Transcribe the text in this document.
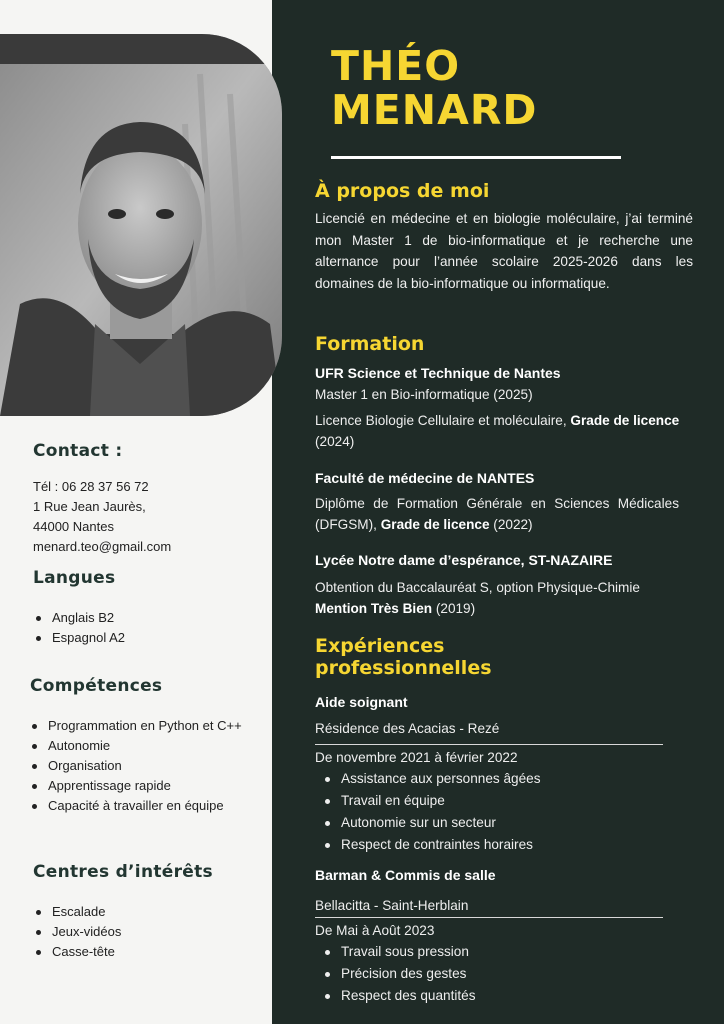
Contact :
Tél : 06 28 37 56 72
1 Rue Jean Jaurès,
44000 Nantes
menard.teo@gmail.com
Langues
Anglais B2
Espagnol A2
Compétences
Programmation en Python et C++
Autonomie
Organisation
Apprentissage rapide
Capacité à travailler en équipe
Centres d’intérêts
Escalade
Jeux-vidéos
Casse-tête
THÉO
MENARD
À propos de moi
Licencié en médecine et en biologie moléculaire, j’ai terminé mon Master 1 de bio-informatique et je recherche une alternance pour l’année scolaire 2025-2026 dans les domaines de la bio-informatique ou informatique.
Formation
UFR Science et Technique de Nantes
Master 1 en Bio-informatique (2025)
Licence Biologie Cellulaire et moléculaire, Grade de licence (2024)
Faculté de médecine de NANTES
Diplôme de Formation Générale en Sciences Médicales (DFGSM), Grade de licence (2022)
Lycée Notre dame d’espérance, ST-NAZAIRE
Obtention du Baccalauréat S, option Physique-Chimie
Mention Très Bien (2019)
Expériences
professionnelles
Aide soignant
Résidence des Acacias - Rezé
De novembre 2021 à février 2022
Assistance aux personnes âgées
Travail en équipe
Autonomie sur un secteur
Respect de contraintes horaires
Barman & Commis de salle
Bellacitta - Saint-Herblain
De Mai à Août 2023
Travail sous pression
Précision des gestes
Respect des quantités
